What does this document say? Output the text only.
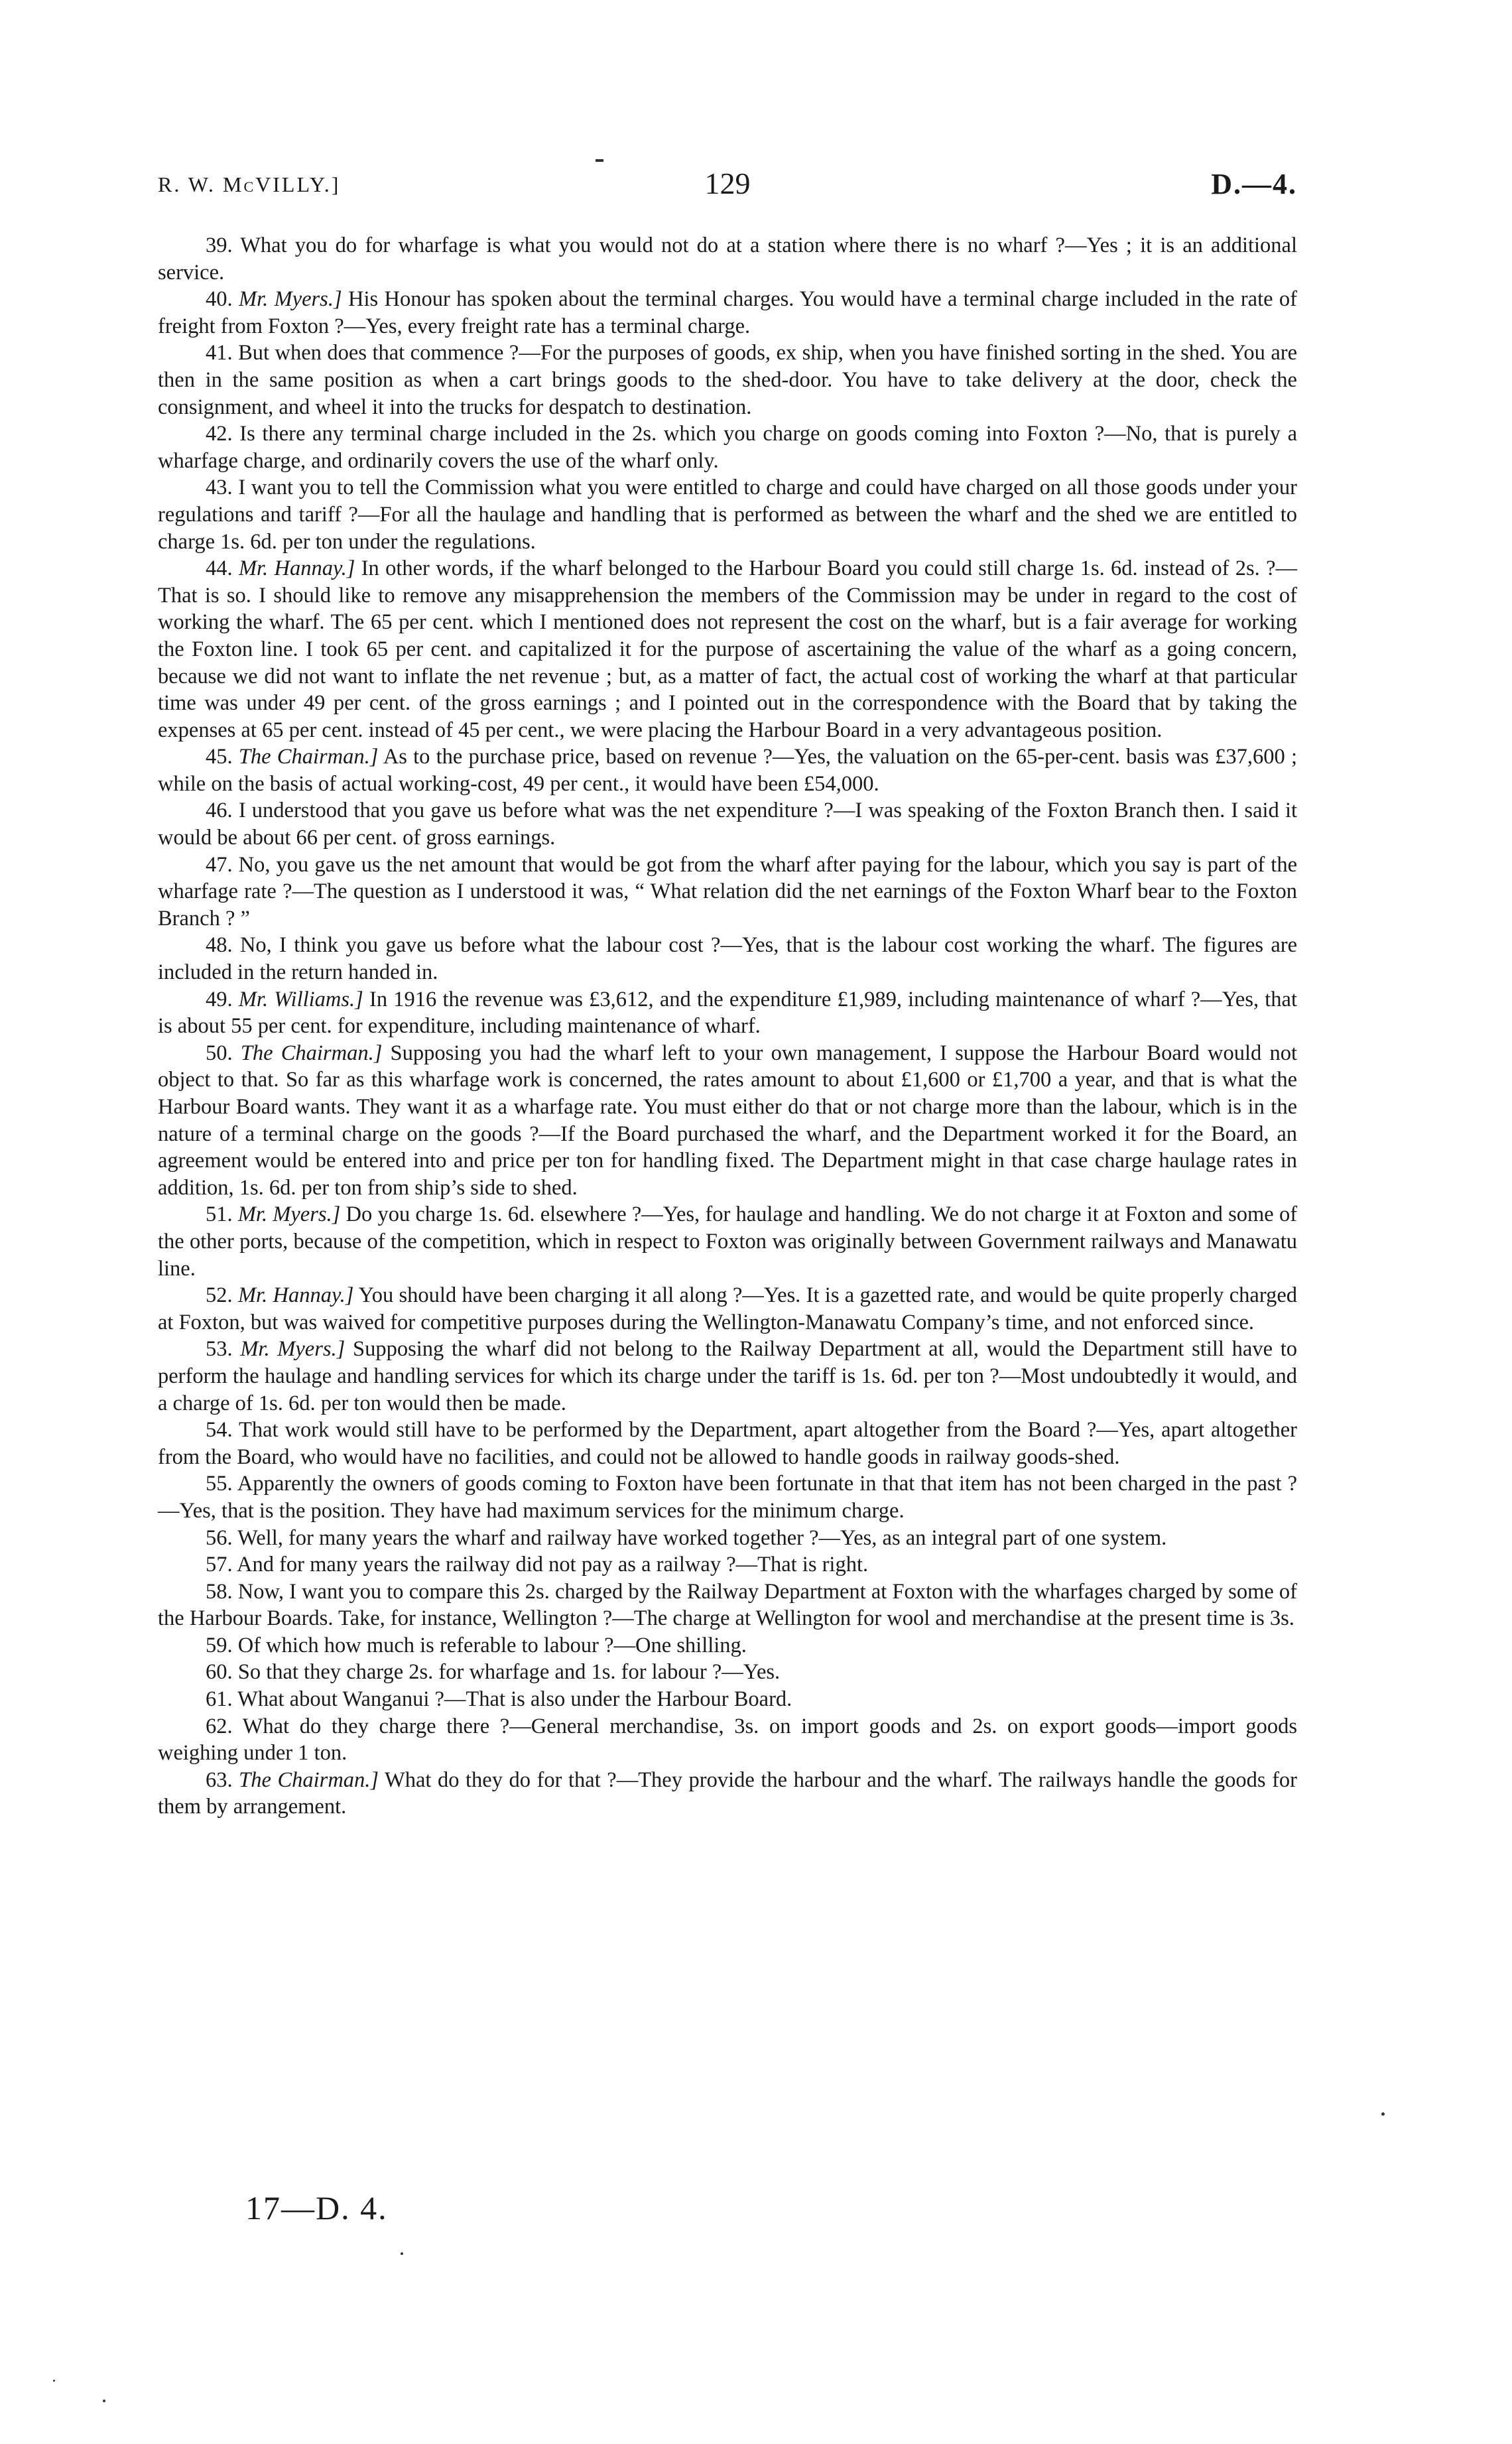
R. W. McVILLY.]	129	D.—4.

39. What you do for wharfage is what you would not do at a station where there is no wharf ?—Yes ; it is an additional service.

40. Mr. Myers.] His Honour has spoken about the terminal charges. You would have a terminal charge included in the rate of freight from Foxton ?—Yes, every freight rate has a terminal charge.

41. But when does that commence ?—For the purposes of goods, ex ship, when you have finished sorting in the shed. You are then in the same position as when a cart brings goods to the shed-door. You have to take delivery at the door, check the consignment, and wheel it into the trucks for despatch to destination.

42. Is there any terminal charge included in the 2s. which you charge on goods coming into Foxton ?—No, that is purely a wharfage charge, and ordinarily covers the use of the wharf only.

43. I want you to tell the Commission what you were entitled to charge and could have charged on all those goods under your regulations and tariff ?—For all the haulage and handling that is performed as between the wharf and the shed we are entitled to charge 1s. 6d. per ton under the regulations.

44. Mr. Hannay.] In other words, if the wharf belonged to the Harbour Board you could still charge 1s. 6d. instead of 2s. ?—That is so. I should like to remove any misapprehension the members of the Commission may be under in regard to the cost of working the wharf. The 65 per cent. which I mentioned does not represent the cost on the wharf, but is a fair average for working the Foxton line. I took 65 per cent. and capitalized it for the purpose of ascertaining the value of the wharf as a going concern, because we did not want to inflate the net revenue ; but, as a matter of fact, the actual cost of working the wharf at that particular time was under 49 per cent. of the gross earnings ; and I pointed out in the correspondence with the Board that by taking the expenses at 65 per cent. instead of 45 per cent., we were placing the Harbour Board in a very advantageous position.

45. The Chairman.] As to the purchase price, based on revenue ?—Yes, the valuation on the 65-per-cent. basis was £37,600 ; while on the basis of actual working-cost, 49 per cent., it would have been £54,000.

46. I understood that you gave us before what was the net expenditure ?—I was speaking of the Foxton Branch then. I said it would be about 66 per cent. of gross earnings.

47. No, you gave us the net amount that would be got from the wharf after paying for the labour, which you say is part of the wharfage rate ?—The question as I understood it was, “ What relation did the net earnings of the Foxton Wharf bear to the Foxton Branch ? ”

48. No, I think you gave us before what the labour cost ?—Yes, that is the labour cost working the wharf. The figures are included in the return handed in.

49. Mr. Williams.] In 1916 the revenue was £3,612, and the expenditure £1,989, including maintenance of wharf ?—Yes, that is about 55 per cent. for expenditure, including maintenance of wharf.

50. The Chairman.] Supposing you had the wharf left to your own management, I suppose the Harbour Board would not object to that. So far as this wharfage work is concerned, the rates amount to about £1,600 or £1,700 a year, and that is what the Harbour Board wants. They want it as a wharfage rate. You must either do that or not charge more than the labour, which is in the nature of a terminal charge on the goods ?—If the Board purchased the wharf, and the Department worked it for the Board, an agreement would be entered into and price per ton for handling fixed. The Department might in that case charge haulage rates in addition, 1s. 6d. per ton from ship’s side to shed.

51. Mr. Myers.] Do you charge 1s. 6d. elsewhere ?—Yes, for haulage and handling. We do not charge it at Foxton and some of the other ports, because of the competition, which in respect to Foxton was originally between Government railways and Manawatu line.

52. Mr. Hannay.] You should have been charging it all along ?—Yes. It is a gazetted rate, and would be quite properly charged at Foxton, but was waived for competitive purposes during the Wellington-Manawatu Company’s time, and not enforced since.

53. Mr. Myers.] Supposing the wharf did not belong to the Railway Department at all, would the Department still have to perform the haulage and handling services for which its charge under the tariff is 1s. 6d. per ton ?—Most undoubtedly it would, and a charge of 1s. 6d. per ton would then be made.

54. That work would still have to be performed by the Department, apart altogether from the Board ?—Yes, apart altogether from the Board, who would have no facilities, and could not be allowed to handle goods in railway goods-shed.

55. Apparently the owners of goods coming to Foxton have been fortunate in that that item has not been charged in the past ?—Yes, that is the position. They have had maximum services for the minimum charge.

56. Well, for many years the wharf and railway have worked together ?—Yes, as an integral part of one system.

57. And for many years the railway did not pay as a railway ?—That is right.

58. Now, I want you to compare this 2s. charged by the Railway Department at Foxton with the wharfages charged by some of the Harbour Boards. Take, for instance, Wellington ?—The charge at Wellington for wool and merchandise at the present time is 3s.

59. Of which how much is referable to labour ?—One shilling.

60. So that they charge 2s. for wharfage and 1s. for labour ?—Yes.

61. What about Wanganui ?—That is also under the Harbour Board.

62. What do they charge there ?—General merchandise, 3s. on import goods and 2s. on export goods—import goods weighing under 1 ton.

63. The Chairman.] What do they do for that ?—They provide the harbour and the wharf. The railways handle the goods for them by arrangement.

17—D. 4.
